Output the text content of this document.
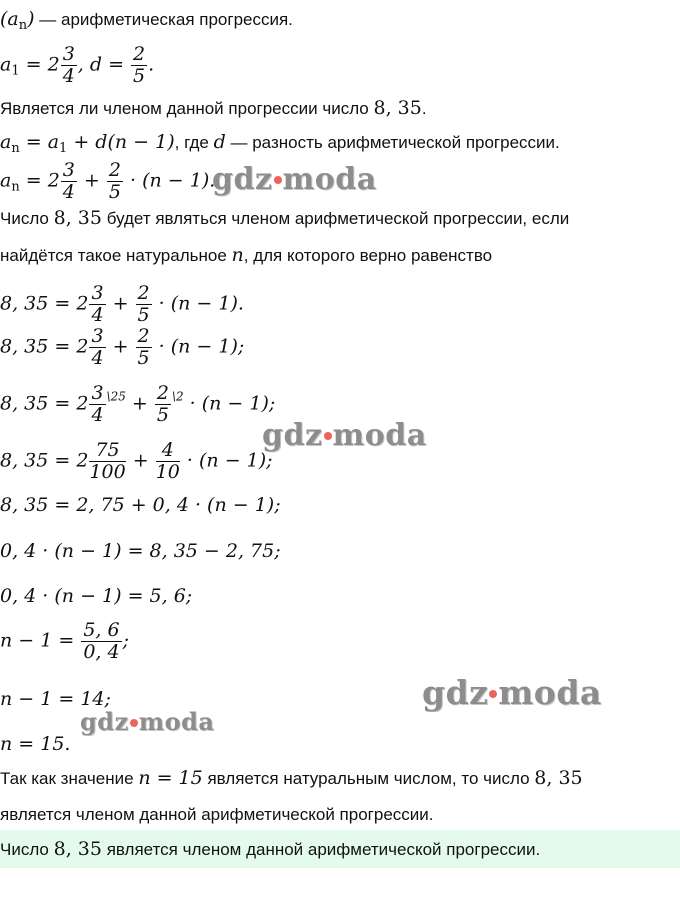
$(a_n)$ — арифметическая прогрессия.
$a_1 = 2 \frac{3}{4}$ , $d = \frac{2}{5}$ .
Является ли членом данной прогрессии число 8, 35.
$a_n = a_1 + d(n - 1)$, где d — разность арифметической прогрессии.
$a_n = 2 \frac{3}{4} + \frac{2}{5} \cdot (n - 1)$.
Число 8, 35 будет являться членом арифметической прогрессии, если
найдётся такое натуральное n, для которого верно равенство
8, $35 = 2 \frac{3}{4} + \frac{2}{5} \cdot (n - 1)$.
8, $35 = 2 \frac{3}{4} + \frac{2}{5} \cdot (n - 1)$;
8, $35 = 2 \frac{3}{4} ^{\backslash 25} + \frac{2}{5} ^{\backslash 2} \cdot (n - 1)$;
8, $35 = 2 \frac{75}{100} + \frac{4}{10} \cdot (n - 1)$;
8, 35 = 2, 75 + 0, 4 · (n − 1);
0, 4 · (n − 1) = 8, 35 − 2, 75;
0, 4 · (n − 1) = 5, 6;
$n - 1 = \frac{5, 6}{0, 4}$ ;
n − 1 = 14;
n = 15.
Так как значение n = 15 является натуральным числом, то число 8, 35
является членом данной арифметической прогрессии.
Число 8, 35 является членом данной арифметической прогрессии.
gdz moda
gdz moda
gdz moda
gdz moda
